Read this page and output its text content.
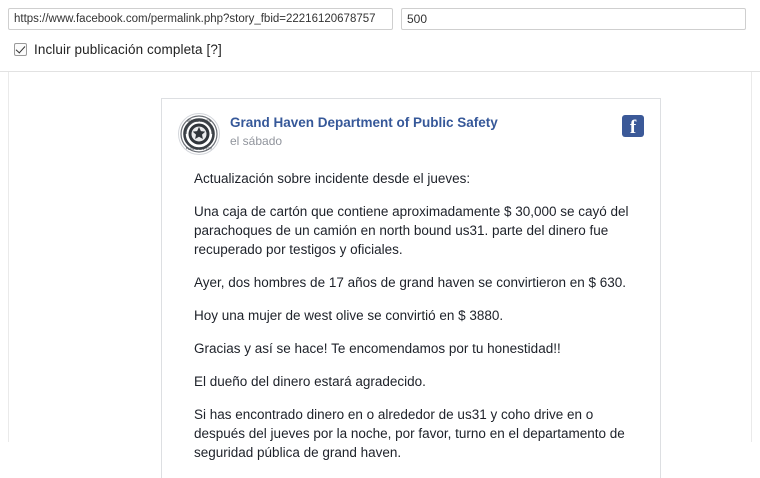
https://www.facebook.com/permalink.php?story_fbid=22216120678757
500
Incluir publicación completa [?]
GRAND HAVEN
PUBLIC SAFETY
Grand Haven Department of Public Safety
el sábado
f

Actualización sobre incidente desde el jueves:

Una caja de cartón que contiene aproximadamente $ 30,000 se cayó del parachoques de un camión en north bound us31. parte del dinero fue recuperado por testigos y oficiales.

Ayer, dos hombres de 17 años de grand haven se convirtieron en $ 630.

Hoy una mujer de west olive se convirtió en $ 3880.

Gracias y así se hace! Te encomendamos por tu honestidad!!

El dueño del dinero estará agradecido.

Si has encontrado dinero en o alrededor de us31 y coho drive en o después del jueves por la noche, por favor, turno en el departamento de seguridad pública de grand haven.
